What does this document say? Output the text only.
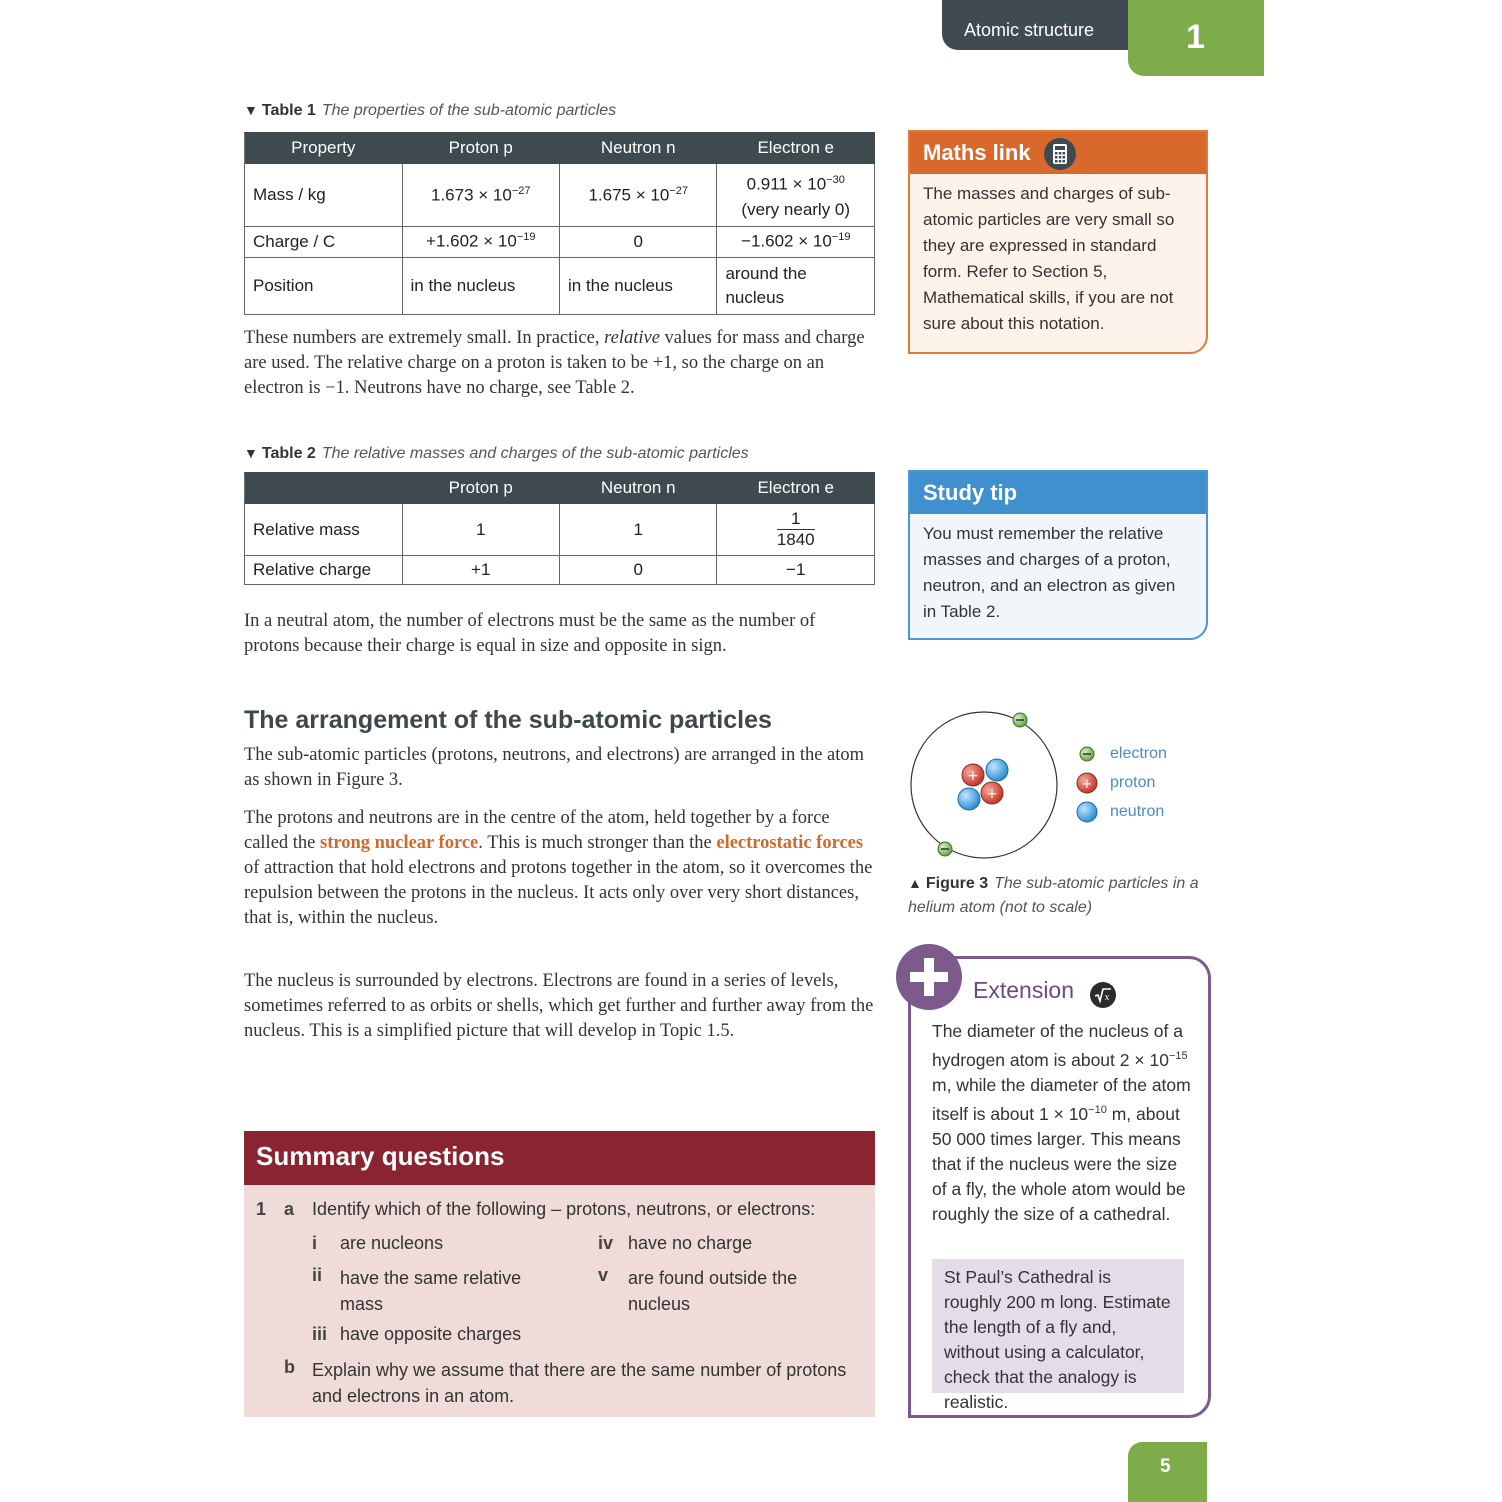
Atomic structure	1
▼ Table 1 The properties of the sub-atomic particles
Property	Proton p	Neutron n	Electron e
Mass / kg	$1.673 \times 10^{-27}$	$1.675 \times 10^{-27}$	$0.911 \times 10^{-30}$
(very nearly 0)
Charge / C	$+1.602 \times 10^{-19}$	0	$-1.602 \times 10^{-19}$
Position	in the nucleus	in the nucleus	around the nucleus
These numbers are extremely small. In practice, relative values for mass and charge are used. The relative charge on a proton is taken to be +1, so the charge on an electron is −1. Neutrons have no charge, see Table 2.
▼ Table 2 The relative masses and charges of the sub-atomic particles
	Proton p	Neutron n	Electron e
Relative mass	1	1	$\frac{1}{1840}$

Relative charge	+1	0	−1
In a neutral atom, the number of electrons must be the same as the number of protons because their charge is equal in size and opposite in sign.
The arrangement of the sub-atomic particles
The sub-atomic particles (protons, neutrons, and electrons) are arranged in the atom as shown in Figure 3.
The protons and neutrons are in the centre of the atom, held together by a force called the strong nuclear force. This is much stronger than the electrostatic forces of attraction that hold electrons and protons together in the atom, so it overcomes the repulsion between the protons in the nucleus. It acts only over very short distances, that is, within the nucleus.
The nucleus is surrounded by electrons. Electrons are found in a series of levels, sometimes referred to as orbits or shells, which get further and further away from the nucleus. This is a simplified picture that will develop in Topic 1.5.
Summary questions
1 a Identify which of the following – protons, neutrons, or electrons:
i are nucleons
ii have the same relative mass
iii have opposite charges
iv have no charge
v are found outside the nucleus
b Explain why we assume that there are the same number of protons and electrons in an atom.
Maths link
The masses and charges of sub-atomic particles are very small so they are expressed in standard form. Refer to Section 5, Mathematical skills, if you are not sure about this notation.
Study tip
You must remember the relative masses and charges of a proton, neutron, and an electron as given in Table 2.
+
+
+
electron
proton
neutron
▲ Figure 3 The sub-atomic particles in a helium atom (not to scale)
Extension	x
The diameter of the nucleus of a hydrogen atom is about $2 \times 10^{-15}$ m, while the diameter of the atom itself is about $1 \times 10^{-10}$ m, about 50 000 times larger. This means that if the nucleus were the size of a fly, the whole atom would be roughly the size of a cathedral.
St Paul’s Cathedral is roughly 200 m long. Estimate the length of a fly and, without using a calculator, check that the analogy is realistic.
5
